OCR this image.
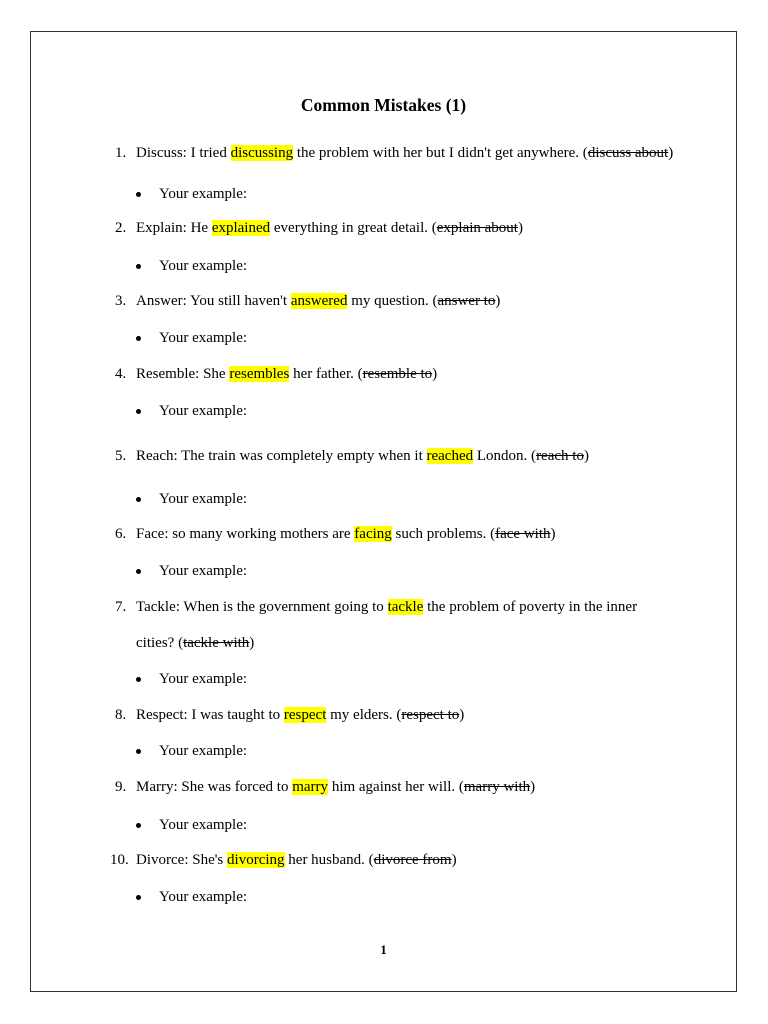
Common Mistakes (1)
1. Discuss: I tried discussing the problem with her but I didn't get anywhere. (discuss about)
Your example:
2. Explain: He explained everything in great detail. (explain about)
Your example:
3. Answer: You still haven't answered my question. (answer to)
Your example:
4. Resemble: She resembles her father. (resemble to)
Your example:
5. Reach: The train was completely empty when it reached London. (reach to)
Your example:
6. Face: so many working mothers are facing such problems. (face with)
Your example:
7. Tackle: When is the government going to tackle the problem of poverty in the inner
cities? (tackle with)
Your example:
8. Respect: I was taught to respect my elders. (respect to)
Your example:
9. Marry: She was forced to marry him against her will. (marry with)
Your example:
10. Divorce: She's divorcing her husband. (divorce from)
Your example:
1
